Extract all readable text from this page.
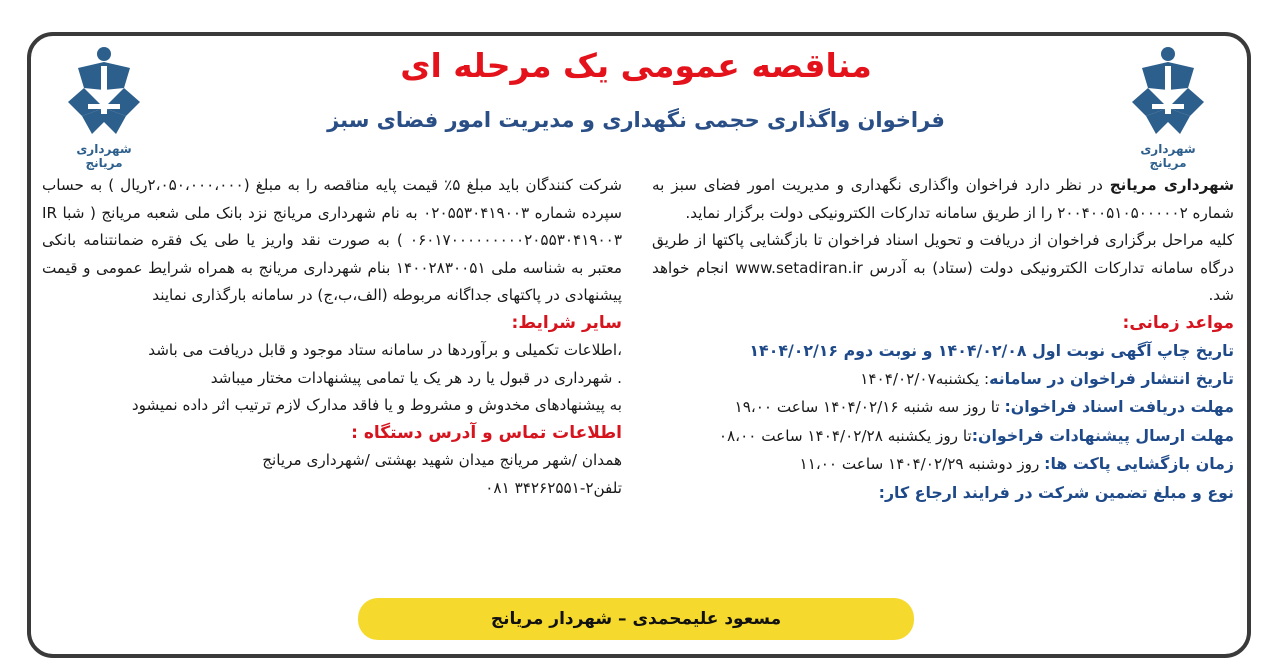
شهرداری مریانج
شهرداری مریانج
مناقصه عمومی یک مرحله ای
فراخوان واگذاری حجمی نگهداری و مدیریت امور فضای سبز

شهرداری مریانج در نظر دارد فراخوان واگذاری نگهداری و مدیریت امور فضای سبز به شماره ۲۰۰۴۰۰۵۱۰۵۰۰۰۰۰۲ را از طریق سامانه تدارکات الکترونیکی دولت برگزار نماید.

کلیه مراحل برگزاری فراخوان از دریافت و تحویل اسناد فراخوان تا بازگشایی پاکتها از طریق درگاه سامانه تدارکات الکترونیکی دولت (ستاد) به آدرس www.setadiran.ir انجام خواهد شد.

مواعد زمانی:

تاریخ چاپ آگهی نوبت اول ۱۴۰۴/۰۲/۰۸ و نوبت دوم ۱۴۰۴/۰۲/۱۶

تاریخ انتشار فراخوان در سامانه: یکشنبه۱۴۰۴/۰۲/۰۷

مهلت دریافت اسناد فراخوان: تا روز سه شنبه ۱۴۰۴/۰۲/۱۶ ساعت ۱۹،۰۰

مهلت ارسال پیشنهادات فراخوان:تا روز یکشنبه ۱۴۰۴/۰۲/۲۸ ساعت ۰۸،۰۰

زمان بازگشایی پاکت ها: روز دوشنبه ۱۴۰۴/۰۲/۲۹ ساعت ۱۱،۰۰

نوع و مبلغ تضمین شرکت در فرایند ارجاع کار:

شرکت کنندگان باید مبلغ ۵٪ قیمت پایه مناقصه را به مبلغ (۲،۰۵۰،۰۰۰،۰۰۰ریال ) به حساب سپرده شماره ۰۲۰۵۵۳۰۴۱۹۰۰۳ به نام شهرداری مریانج نزد بانک ملی شعبه مریانج ( شبا IR ۰۶۰۱۷۰۰۰۰۰۰۰۰۰۲۰۵۵۳۰۴۱۹۰۰۳ ) به صورت نقد واریز یا طی یک فقره ضمانتنامه بانکی معتبر به شناسه ملی ۱۴۰۰۲۸۳۰۰۵۱ بنام شهرداری مریانج به همراه شرایط عمومی و قیمت پیشنهادی در پاکتهای جداگانه مربوطه (الف،ب،ج) در سامانه بارگذاری نمایند

سایر شرایط:

،اطلاعات تکمیلی و برآوردها در سامانه ستاد موجود و قابل دریافت می باشد

. شهرداری در قبول یا رد هر یک یا تمامی پیشنهادات مختار میباشد

به پیشنهادهای مخدوش و مشروط و یا فاقد مدارک لازم ترتیب اثر داده نمیشود

اطلاعات تماس و آدرس دستگاه :

همدان /شهر مریانج میدان شهید بهشتی /شهرداری مریانج

تلفن۲-۳۴۲۶۲۵۵۱ ۰۸۱

مسعود علیمحمدی – شهردار مریانج
